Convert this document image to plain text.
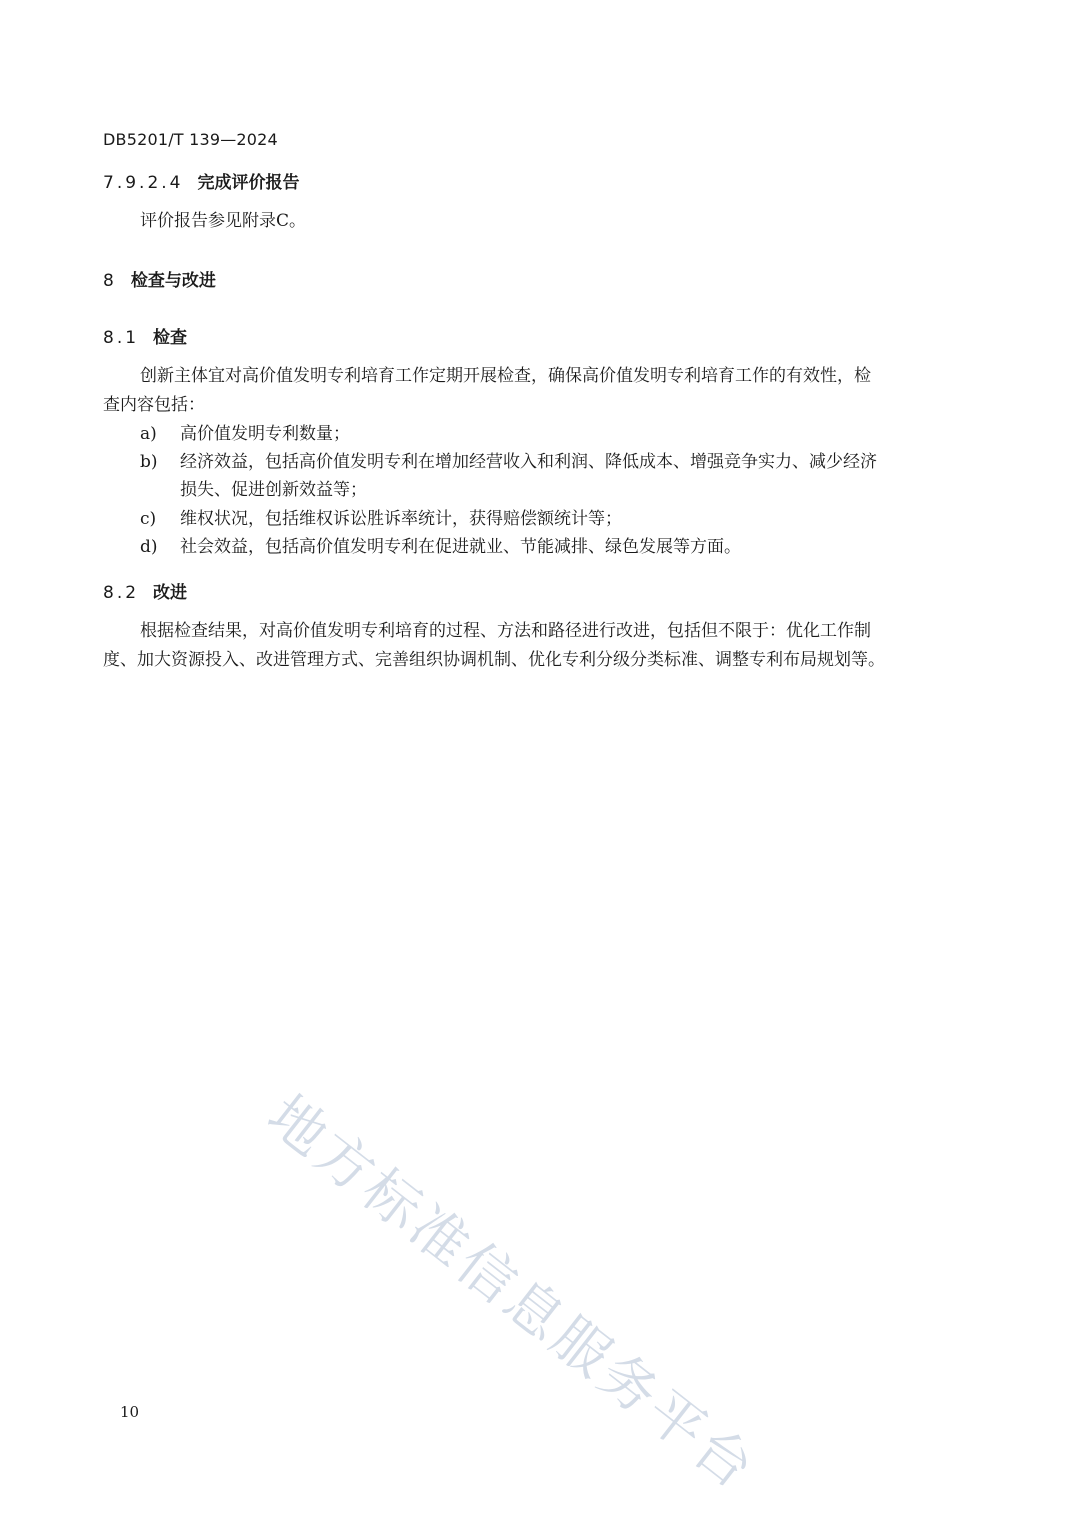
DB5201/T 139—2024
7.9.2.4 完成评价报告
评价报告参见附录C。
8 检查与改进
8.1 检查
创新主体宜对高价值发明专利培育工作定期开展检查，确保高价值发明专利培育工作的有效性，检
查内容包括：
a) 高价值发明专利数量；
b) 经济效益，包括高价值发明专利在增加经营收入和利润、降低成本、增强竞争实力、减少经济
损失、促进创新效益等；
c) 维权状况，包括维权诉讼胜诉率统计，获得赔偿额统计等；
d) 社会效益，包括高价值发明专利在促进就业、节能减排、绿色发展等方面。
8.2 改进
根据检查结果，对高价值发明专利培育的过程、方法和路径进行改进，包括但不限于：优化工作制
度、加大资源投入、改进管理方式、完善组织协调机制、优化专利分级分类标准、调整专利布局规划等。
地方标准信息服务平台
10
